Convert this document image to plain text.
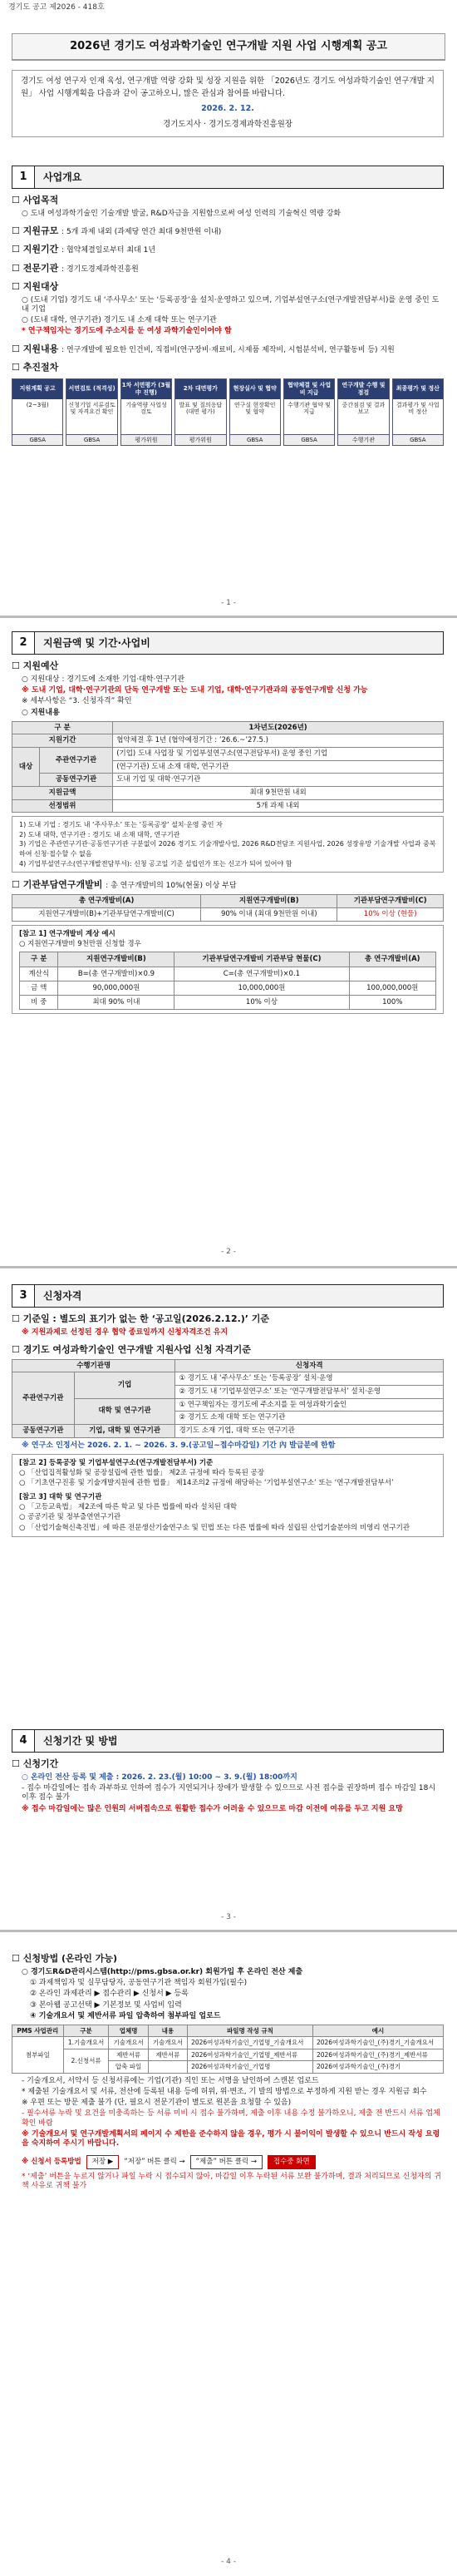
경기도 공고 제2026 - 418호
2026년 경기도 여성과학기술인 연구개발 지원 사업 시행계획 공고
경기도 여성 연구자 인재 육성, 연구개발 역량 강화 및 성장 지원을 위한 「2026년도 경기도 여성과학기술인 연구개발 지원」 사업 시행계획을 다음과 같이 공고하오니, 많은 관심과 참여를 바랍니다.
2026. 2. 12.
경기도지사 · 경기도경제과학진흥원장
1	사업개요
☐ 사업목적
○ 도내 여성과학기술인 기술개발 발굴, R&D자금을 지원함으로써 여성 인력의 기술혁신 역량 강화
☐ 지원규모 : 5개 과제 내외 (과제당 연간 최대 9천만원 이내)
☐ 지원기간 : 협약체결일로부터 최대 1년
☐ 전문기관 : 경기도경제과학진흥원
☐ 지원대상
○ (도내 기업) 경기도 내 ‘주사무소’ 또는 ‘등록공장’을 설치·운영하고 있으며, 기업부설연구소(연구개발전담부서)를 운영 중인 도내 기업
○ (도내 대학, 연구기관) 경기도 내 소재 대학 또는 연구기관
* 연구책임자는 경기도에 주소지를 둔 여성 과학기술인이어야 함
☐ 지원내용 : 연구개발에 필요한 인건비, 직접비(연구장비·재료비, 시제품 제작비, 시험분석비, 연구활동비 등) 지원
☐ 추진절차
지원계획 공고
(2~3월)
GBSA
서면검토 (적격성)
신청기업 서류검토 및 자격요건 확인
GBSA
1차 서면평가 (3월 中 진행)
기술역량 사업성 검토
평가위원
2차 대면평가
발표 및 질의응답 (대면 평가)
평가위원
현장실사 및 협약
연구실 현장확인 및 협약
GBSA
협약체결 및 사업비 지급
수행기관 협약 및 지급
GBSA
연구개발 수행 및 점검
중간점검 및 결과보고
수행기관
최종평가 및 정산
결과평가 및 사업비 정산
GBSA
- 1 -
2	지원금액 및 기간·사업비
☐ 지원예산
○ 지원대상 : 경기도에 소재한 기업·대학·연구기관
※ 도내 기업, 대학·연구기관의 단독 연구개발 또는 도내 기업, 대학·연구기관과의 공동연구개발 신청 가능
※ 세부사항은 “3. 신청자격” 확인
○ 지원내용
구 분		1차년도(2026년)
지원기간		협약체결 후 1년 (협약예정기간 : ’26.6.~’27.5.)
대상	주관연구기관	(기업) 도내 사업장 및 기업부설연구소(연구전담부서) 운영 중인 기업
		(연구기관) 도내 소재 대학, 연구기관
	공동연구기관	도내 기업 및 대학·연구기관
지원금액		최대 9천만원 내외
선정범위		5개 과제 내외
1) 도내 기업 : 경기도 내 ‘주사무소’ 또는 ‘등록공장’ 설치·운영 중인 자
2) 도내 대학, 연구기관 : 경기도 내 소재 대학, 연구기관
3) 기업은 주관연구기관·공동연구기관 구분없이 2026 경기도 기술개발사업, 2026 R&D전담조 지원사업, 2026 성장유망 기술개발 사업과 중복하여 신청·접수할 수 없음
4) 기업부설연구소(연구개발전담부서): 신청 공고일 기준 설립인가 또는 신고가 되어 있어야 함
☐ 기관부담연구개발비 : 총 연구개발비의 10%(현물) 이상 부담
총 연구개발비(A)	지원연구개발비(B)	기관부담연구개발비(C)
지원연구개발비(B)+기관부담연구개발비(C)	90% 이내 (최대 9천만원 이내)	10% 이상 (현물)
[참고 1] 연구개발비 계상 예시
○ 지원연구개발비 9천만원 신청할 경우
구 분	지원연구개발비(B)	기관부담연구개발비 기관부담 현물(C)	총 연구개발비(A)
계산식	B=(총 연구개발비)×0.9	C=(총 연구개발비)×0.1	
금 액	90,000,000원	10,000,000원	100,000,000원
비 중	최대 90% 이내	10% 이상	100%
- 2 -
3	신청자격
☐ 기준일 : 별도의 표기가 없는 한 ‘공고일(2026.2.12.)’ 기준
※ 지원과제로 선정된 경우 협약 종료일까지 신청자격조건 유지
☐ 경기도 여성과학기술인 연구개발 지원사업 신청 자격기준
수행기관명		신청자격
주관연구기관	기업	① 경기도 내 ‘주사무소’ 또는 ‘등록공장’ 설치·운영
		② 경기도 내 ‘기업부설연구소’ 또는 ‘연구개발전담부서’ 설치·운영
	대학 및 연구기관	① 연구책임자는 경기도에 주소지를 둔 여성과학기술인
		② 경기도 소재 대학 또는 연구기관
공동연구기관	기업, 대학 및 연구기관	경기도 소재 기업, 대학 또는 연구기관
※ 연구소 인정서는 2026. 2. 1. ~ 2026. 3. 9.(공고일~접수마감일) 기간 內 발급분에 한함
[참고 2] 등록공장 및 기업부설연구소(연구개발전담부서) 기준
○ 「산업집적활성화 및 공장설립에 관한 법률」 제2조 규정에 따라 등록된 공장
○ 「기초연구진흥 및 기술개발지원에 관한 법률」 제14조의2 규정에 해당하는 ‘기업부설연구소’ 또는 ‘연구개발전담부서’
[참고 3] 대학 및 연구기관
○ 「고등교육법」 제2조에 따른 학교 및 다른 법률에 따라 설치된 대학
○ 공공기관 및 정부출연연구기관
○ 「산업기술혁신촉진법」에 따른 전문생산기술연구소 및 민법 또는 다른 법률에 따라 설립된 산업기술분야의 비영리 연구기관
4	신청기간 및 방법
☐ 신청기간
○ 온라인 전산 등록 및 제출 : 2026. 2. 23.(월) 10:00 ~ 3. 9.(월) 18:00까지
- 접수 마감일에는 접속 과부하로 인하여 접수가 지연되거나 장애가 발생할 수 있으므로 사전 접수를 권장하며 접수 마감일 18시 이후 접수 불가
※ 접수 마감일에는 많은 인원의 서버접속으로 원활한 접수가 어려울 수 있으므로 마감 이전에 여유를 두고 지원 요망
- 3 -
☐ 신청방법 (온라인 가능)
○ 경기도R&D관리시스템(http://pms.gbsa.or.kr) 회원가입 후 온라인 전산 제출
① 과제책임자 및 실무담당자, 공동연구기관 책임자 회원가입(필수)
② 온라인 과제관리 ▶ 접수관리 ▶ 신청서 ▶ 등록
③ 본아웹 공고선택 ▶ 기본정보 및 사업비 입력
④ 기술개요서 및 제반서류 파일 압축하여 첨부파일 업로드
PMS 사업관리	구분	업체명	내용	파일명 작성 규칙	예시
첨부파일	1.기술개요서	기술개요서	기술개요서	2026여성과학기술인_기업명_기술개요서	2026여성과학기술인_(주)경기_기술개요서
	2.신청서류	제반서류	제반서류	2026여성과학기술인_기업명_제반서류	2026여성과학기술인_(주)경기_제반서류
		압축 파일		2026여성과학기술인_기업명	2026여성과학기술인_(주)경기
- 기술개요서, 서약서 등 신청서류에는 기업(기관) 직인 또는 서명을 날인하여 스캔본 업로드
* 제출된 기술개요서 및 서류, 전산에 등록된 내용 등에 허위, 위·변조, 기 발의 방법으로 부정하게 지원 받는 경우 지원금 회수
※ 우편 또는 방문 제출 불가 (단, 필요시 전문기관이 별도로 원본을 요청할 수 있음)
- 필수서류 누락 및 요건을 미충족하는 등 서류 미비 시 접수 불가하며, 제출 이후 내용 수정 불가하오니, 제출 전 반드시 서류 업체 확인 바람
※ 기술개요서 및 연구개발계획서의 페이지 수 제한을 준수하지 않을 경우, 평가 시 불이익이 발생할 수 있으니 반드시 작성 요령을 숙지하여 주시기 바랍니다.
※ 신청서 등록방법	저장 ▶	“저장” 버튼 클릭 →	“제출” 버튼 클릭 →	접수중 화면
* ‘제출’ 버튼을 누르지 않거나 파일 누락 시 접수되지 않아, 마감일 이후 누락된 서류 보완 불가하며, 결과 처리되므로 신청자의 귀책 사유로 귀책 불가
- 4 -
